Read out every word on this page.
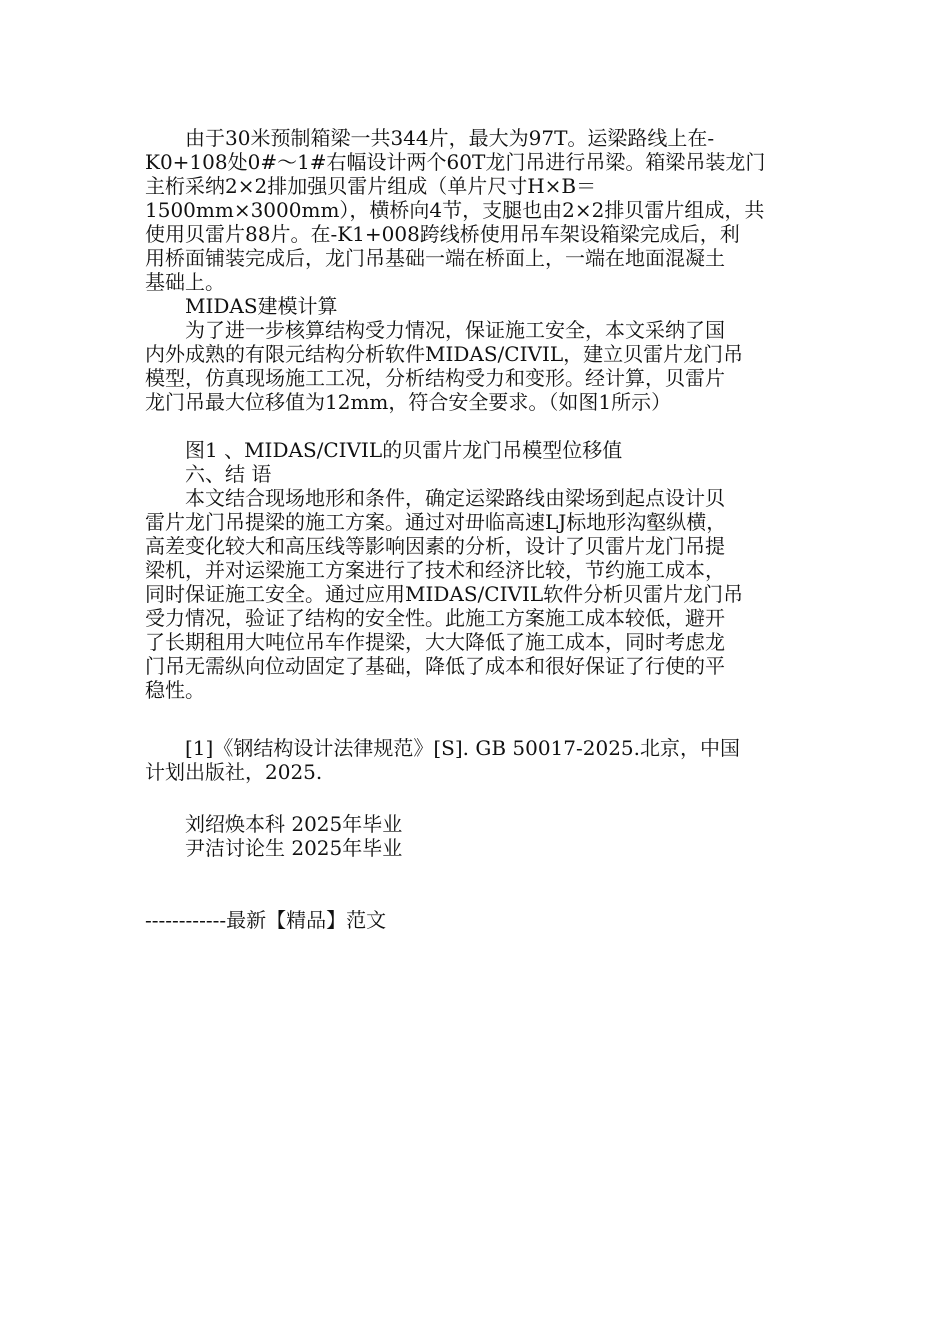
　　由于30米预制箱梁一共344片，最大为97T。运梁路线上在-
K0+108处0#～1#右幅设计两个60T龙门吊进行吊梁。箱梁吊装龙门
主桁采纳2×2排加强贝雷片组成（单片尺寸H×B＝
1500mm×3000mm），横桥向4节，支腿也由2×2排贝雷片组成，共
使用贝雷片88片。在-K1+008跨线桥使用吊车架设箱梁完成后，利
用桥面铺装完成后，龙门吊基础一端在桥面上，一端在地面混凝土
基础上。
　　MIDAS建模计算
　　为了进一步核算结构受力情况，保证施工安全，本文采纳了国
内外成熟的有限元结构分析软件MIDAS/CIVIL，建立贝雷片龙门吊
模型，仿真现场施工工况，分析结构受力和变形。经计算，贝雷片
龙门吊最大位移值为12mm，符合安全要求。（如图1所示）
　　图1 、MIDAS/CIVIL的贝雷片龙门吊模型位移值
　　六、结 语
　　本文结合现场地形和条件，确定运梁路线由梁场到起点设计贝
雷片龙门吊提梁的施工方案。通过对毌临高速LJ标地形沟壑纵横，
高差变化较大和高压线等影响因素的分析，设计了贝雷片龙门吊提
梁机，并对运梁施工方案进行了技术和经济比较，节约施工成本，
同时保证施工安全。通过应用MIDAS/CIVIL软件分析贝雷片龙门吊
受力情况，验证了结构的安全性。此施工方案施工成本较低，避开
了长期租用大吨位吊车作提梁，大大降低了施工成本，同时考虑龙
门吊无需纵向位动固定了基础，降低了成本和很好保证了行使的平
稳性。
　　[1]《钢结构设计法律规范》[S]. GB 50017-2025.北京，中国
计划出版社，2025.
　　刘绍焕本科 2025年毕业
　　尹洁讨论生 2025年毕业
------------最新【精品】范文
